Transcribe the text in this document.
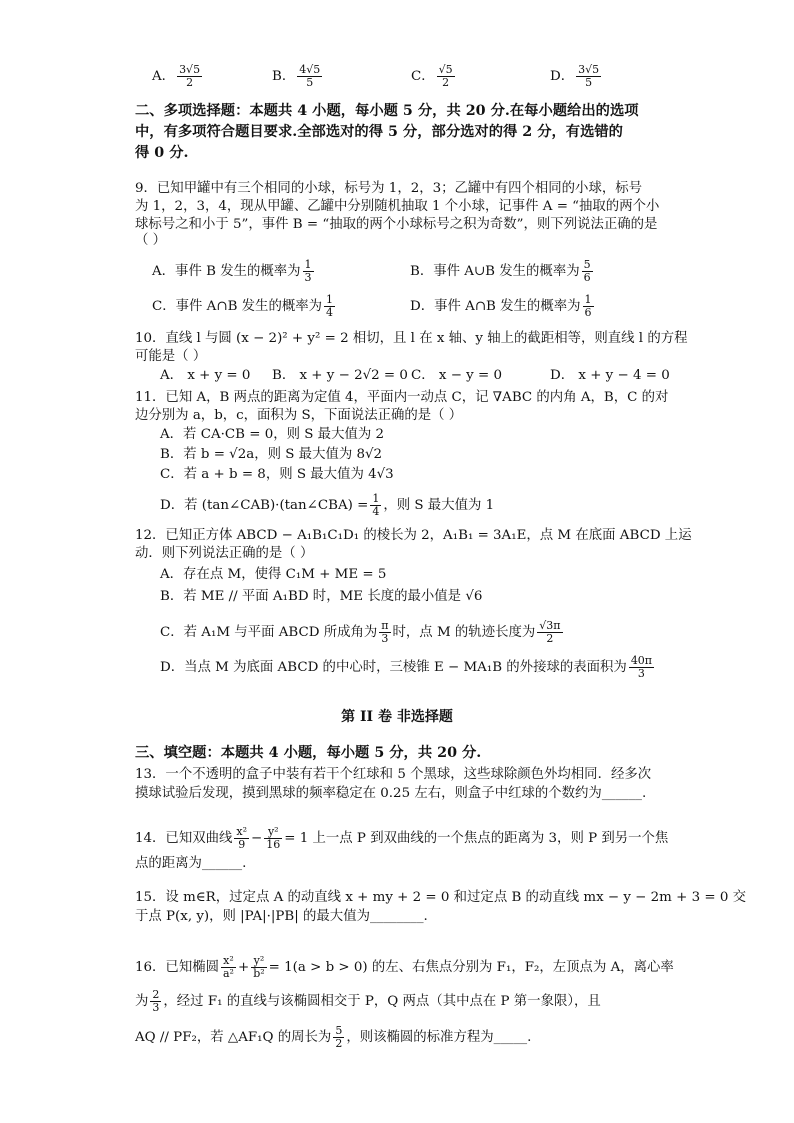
A． $\frac{3√5}{2}$	B． $\frac{4√5}{5}$	C． $\frac{√5}{2}$	D． $\frac{3√5}{5}$
二、多项选择题：本题共 4 小题，每小题 5 分，共 20 分.在每小题给出的选项
中，有多项符合题目要求.全部选对的得 5 分，部分选对的得 2 分，有选错的
得 0 分.
9．已知甲罐中有三个相同的小球，标号为 1，2，3；乙罐中有四个相同的小球，标号
为 1，2，3，4，现从甲罐、乙罐中分别随机抽取 1 个小球，记事件 A = “抽取的两个小
球标号之和小于 5”，事件 B = “抽取的两个小球标号之积为奇数”，则下列说法正确的是
（ ）
A．事件 B 发生的概率为 $\frac{1}{3}$	B．事件 A∪B 发生的概率为 $\frac{5}{6}$
C．事件 A∩B 发生的概率为 $\frac{1}{4}$	D．事件 A∩B 发生的概率为 $\frac{1}{6}$
10．直线 l 与圆 (x − 2)² + y² = 2 相切，且 l 在 x 轴、y 轴上的截距相等，则直线 l 的方程
可能是（ ）
A． x + y = 0 B． x + y − 2√2 = 0 C． x − y = 0	D． x + y − 4 = 0
11．已知 A，B 两点的距离为定值 4，平面内一动点 C，记 ∇ABC 的内角 A，B，C 的对
边分别为 a，b，c，面积为 S，下面说法正确的是（ ）
A．若 CA·CB = 0，则 S 最大值为 2
B．若 b = √2a，则 S 最大值为 8√2
C．若 a + b = 8，则 S 最大值为 4√3
D．若 (tan∠CAB)·(tan∠CBA) = $\frac{1}{4}$ ，则 S 最大值为 1
12．已知正方体 ABCD − A₁B₁C₁D₁ 的棱长为 2，A₁B₁ = 3A₁E，点 M 在底面 ABCD 上运
动．则下列说法正确的是（ ）
A．存在点 M，使得 C₁M + ME = 5
B．若 ME // 平面 A₁BD 时，ME 长度的最小值是 √6
C．若 A₁M 与平面 ABCD 所成角为 $\frac{\pi}{3}$ 时，点 M 的轨迹长度为 $\frac{√3\pi}{2}$
D．当点 M 为底面 ABCD 的中心时，三棱锥 E − MA₁B 的外接球的表面积为 $\frac{40\pi}{3}$
第 II 卷 非选择题
三、填空题：本题共 4 小题，每小题 5 分，共 20 分.
13．一个不透明的盒子中装有若干个红球和 5 个黑球，这些球除颜色外均相同．经多次
摸球试验后发现，摸到黑球的频率稳定在 0.25 左右，则盒子中红球的个数约为______.
14．已知双曲线 $\frac{\text{x²}}{9} - \frac{\text{y²}}{16} = 1$ 上一点 P 到双曲线的一个焦点的距离为 3，则 P 到另一个焦
点的距离为______.
15．设 m∈R，过定点 A 的动直线 x + my + 2 = 0 和过定点 B 的动直线 mx − y − 2m + 3 = 0 交
于点 P(x, y)，则 |PA|·|PB| 的最大值为________.
16．已知椭圆 $\frac{\text{x²}}{\text{a²}} + \frac{\text{y²}}{\text{b²}} = 1(a > b > 0)$ 的左、右焦点分别为 F₁，F₂，左顶点为 A，离心率
为 $\frac{2}{3}$ ，经过 F₁ 的直线与该椭圆相交于 P，Q 两点（其中点在 P 第一象限），且
AQ // PF₂，若 △AF₁Q 的周长为 $\frac{5}{2}$ ，则该椭圆的标准方程为_____.
